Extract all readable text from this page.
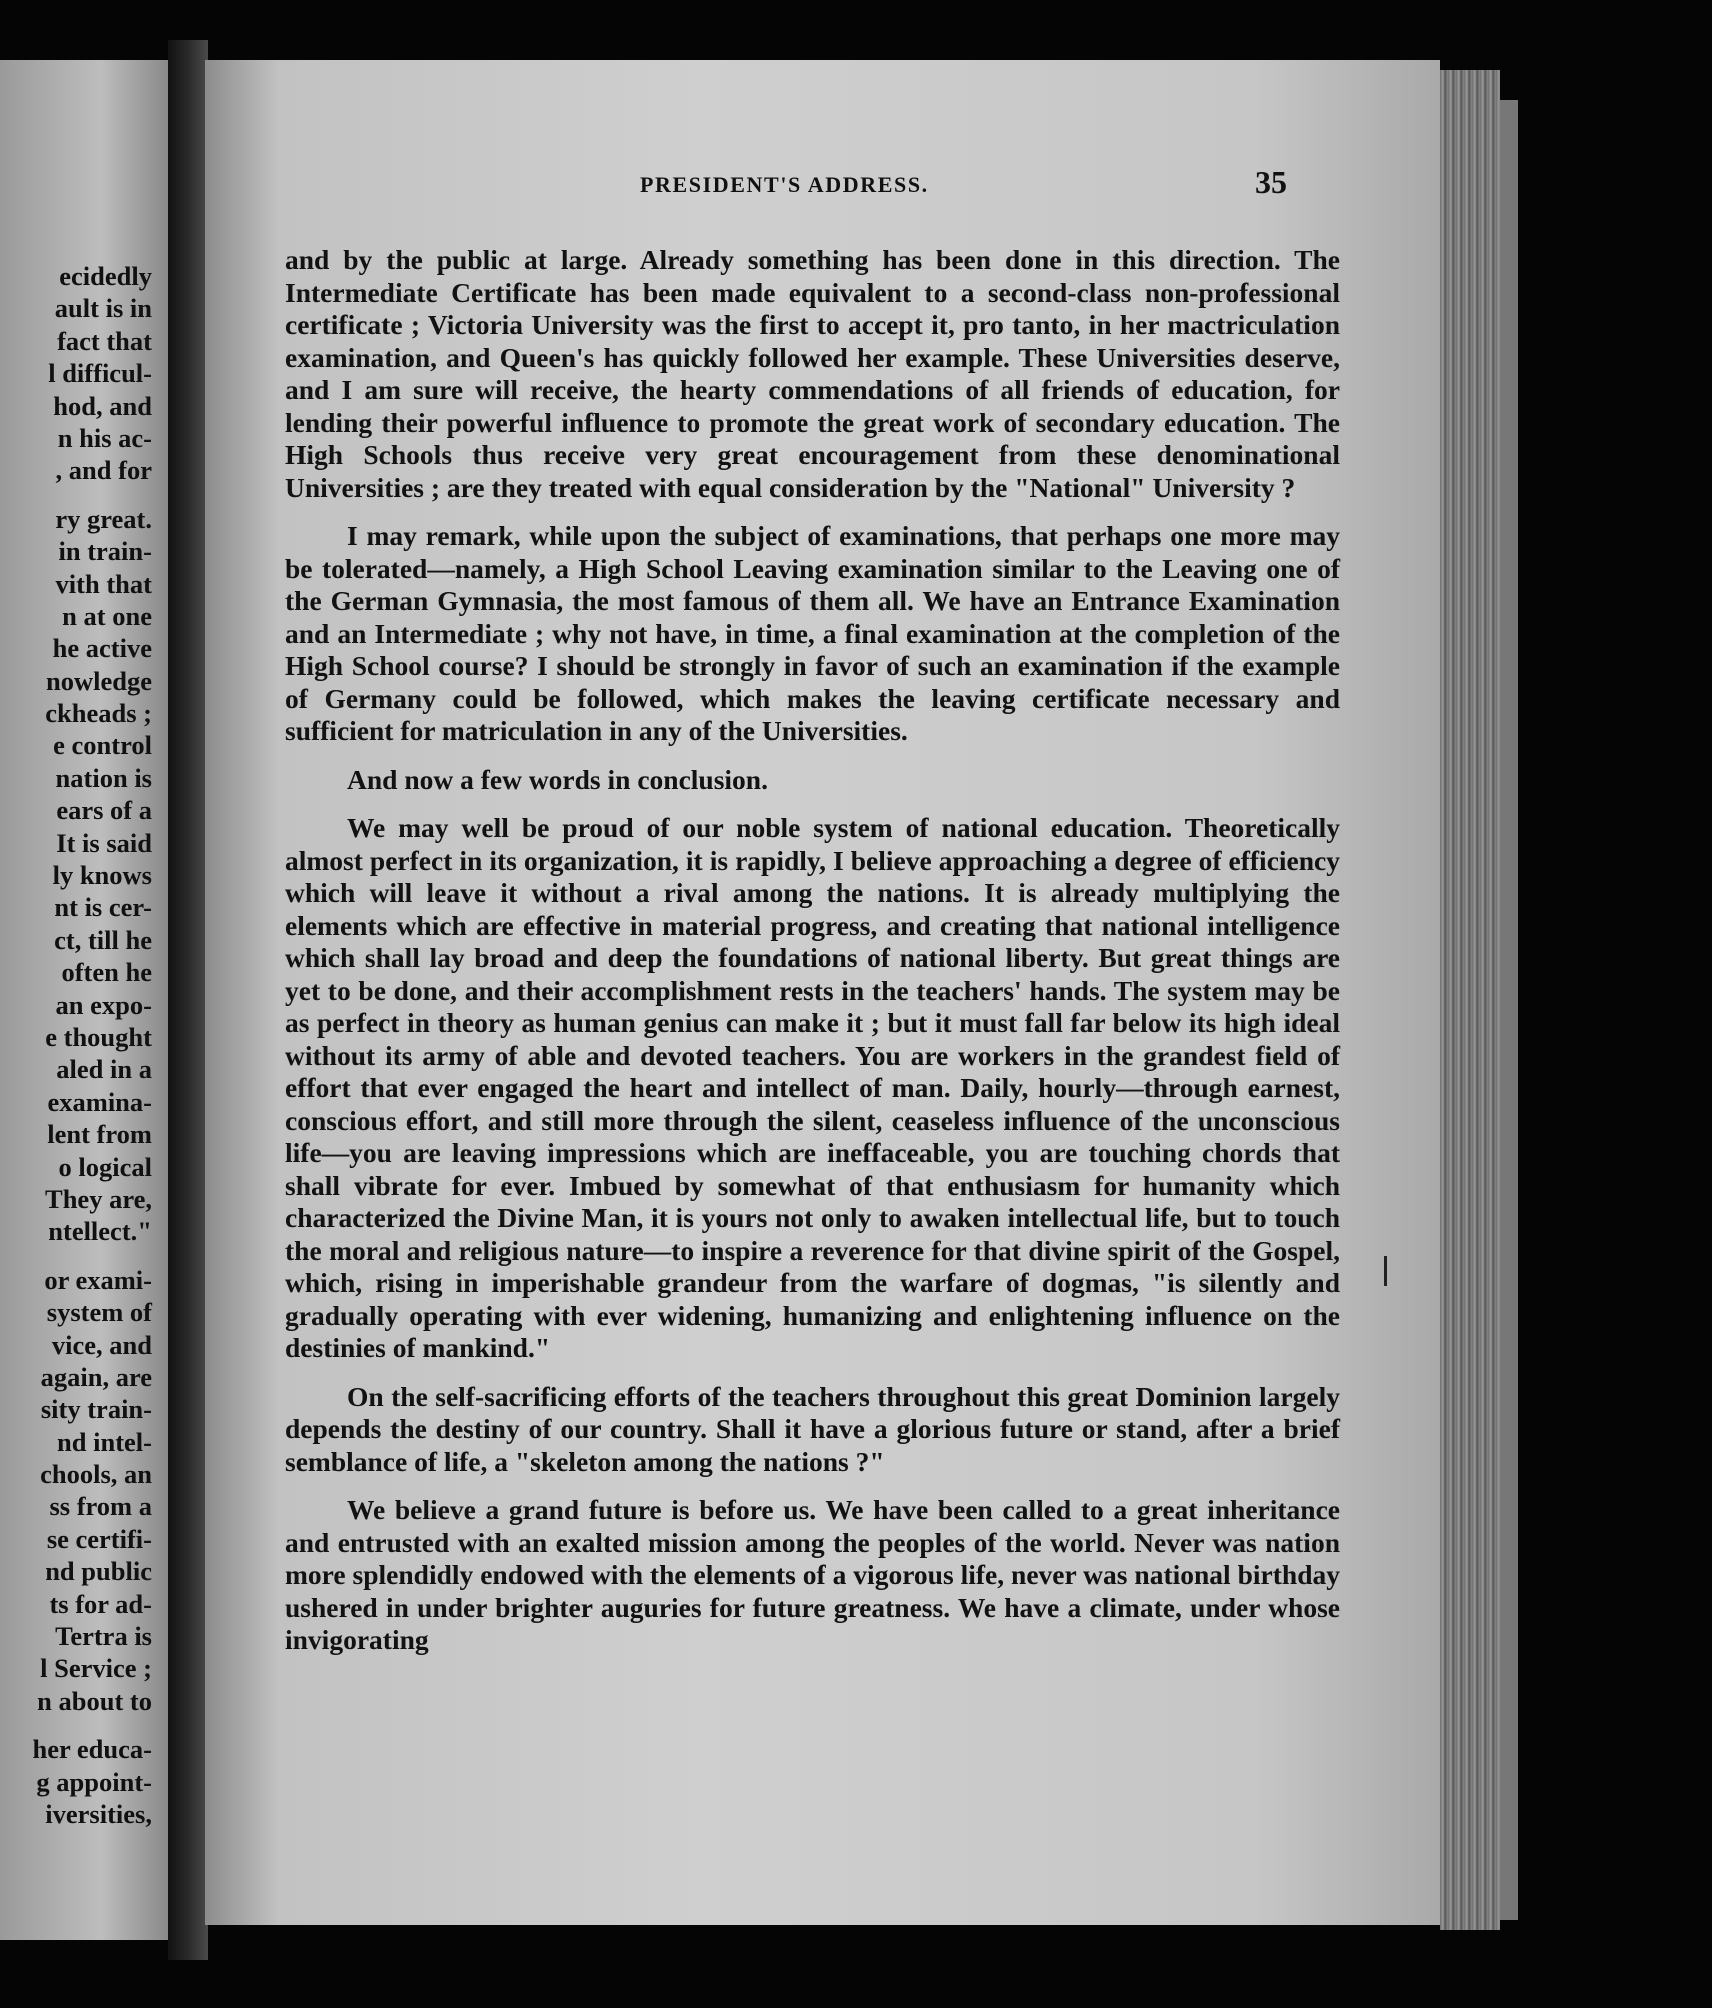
ecidedly
ault is in
fact that
l difficul-
hod, and
n his ac-
, and for
ry great.
in train-
vith that
n at one
he active
nowledge
ckheads ;
e control
nation is
ears of a
It is said
ly knows
nt is cer-
ct, till he
often he
an expo-
e thought
aled in a
examina-
lent from
o logical
They are,
ntellect."
or exami-
system of
vice, and
again, are
sity train-
nd intel-
chools, an
ss from a
se certifi-
nd public
ts for ad-
Tertra is
l Service ;
n about to
her educa-
g appoint-
iversities,
PRESIDENT'S ADDRESS.	35

and by the public at large. Already something has been done in this direction. The Intermediate Certificate has been made equivalent to a second-class non-professional certificate ; Victoria University was the first to accept it, pro tanto, in her mactriculation examination, and Queen's has quickly followed her example. These Universities deserve, and I am sure will receive, the hearty commendations of all friends of education, for lending their powerful influence to promote the great work of secondary education. The High Schools thus receive very great encouragement from these denominational Universities ; are they treated with equal consideration by the "National" University ?

I may remark, while upon the subject of examinations, that perhaps one more may be tolerated—namely, a High School Leaving examination similar to the Leaving one of the German Gymnasia, the most famous of them all. We have an Entrance Examination and an Intermediate ; why not have, in time, a final examination at the completion of the High School course? I should be strongly in favor of such an examination if the example of Germany could be followed, which makes the leaving certificate necessary and sufficient for matriculation in any of the Universities.

And now a few words in conclusion.

We may well be proud of our noble system of national education. Theoretically almost perfect in its organization, it is rapidly, I believe approaching a degree of efficiency which will leave it without a rival among the nations. It is already multiplying the elements which are effective in material progress, and creating that national intelligence which shall lay broad and deep the foundations of national liberty. But great things are yet to be done, and their accomplishment rests in the teachers' hands. The system may be as perfect in theory as human genius can make it ; but it must fall far below its high ideal without its army of able and devoted teachers. You are workers in the grandest field of effort that ever engaged the heart and intellect of man. Daily, hourly—through earnest, conscious effort, and still more through the silent, ceaseless influence of the unconscious life—you are leaving impressions which are ineffaceable, you are touching chords that shall vibrate for ever. Imbued by somewhat of that enthusiasm for humanity which characterized the Divine Man, it is yours not only to awaken intellectual life, but to touch the moral and religious nature—to inspire a reverence for that divine spirit of the Gospel, which, rising in imperishable grandeur from the warfare of dogmas, "is silently and gradually operating with ever widening, humanizing and enlightening influence on the destinies of mankind."

On the self-sacrificing efforts of the teachers throughout this great Dominion largely depends the destiny of our country. Shall it have a glorious future or stand, after a brief semblance of life, a "skeleton among the nations ?"

We believe a grand future is before us. We have been called to a great inheritance and entrusted with an exalted mission among the peoples of the world. Never was nation more splendidly endowed with the elements of a vigorous life, never was national birthday ushered in under brighter auguries for future greatness. We have a climate, under whose invigorating
